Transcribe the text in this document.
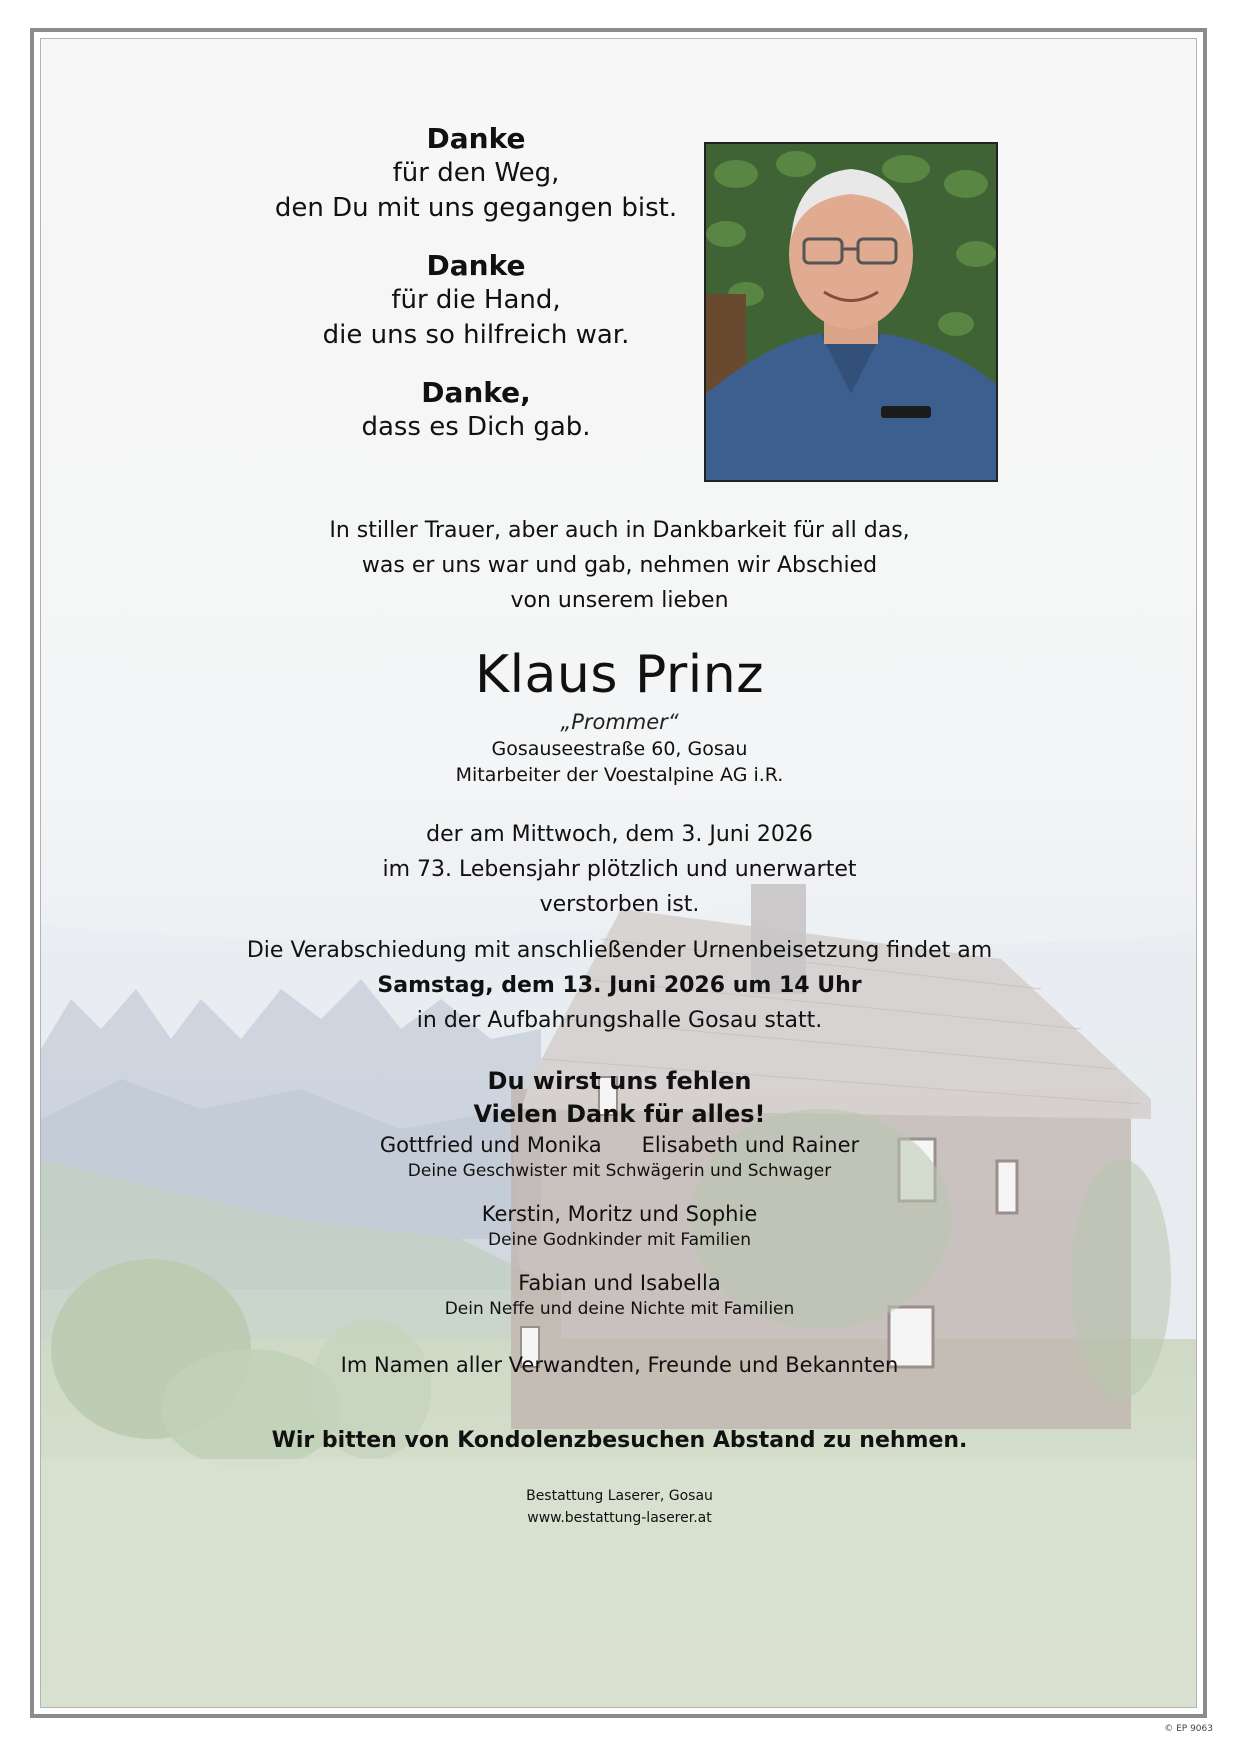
Danke
für den Weg,
den Du mit uns gegangen bist.
Danke
für die Hand,
die uns so hilfreich war.
Danke,
dass es Dich gab.
In stiller Trauer, aber auch in Dankbarkeit für all das,
was er uns war und gab, nehmen wir Abschied
von unserem lieben
Klaus Prinz
„Prommer“
Gosauseestraße 60, Gosau
Mitarbeiter der Voestalpine AG i.R.
der am Mittwoch, dem 3. Juni 2026
im 73. Lebensjahr plötzlich und unerwartet
verstorben ist.
Die Verabschiedung mit anschließender Urnenbeisetzung findet am
Samstag, dem 13. Juni 2026 um 14 Uhr
in der Aufbahrungshalle Gosau statt.
Du wirst uns fehlen
Vielen Dank für alles!
Gottfried und Monika      Elisabeth und Rainer
Deine Geschwister mit Schwägerin und Schwager
Kerstin, Moritz und Sophie
Deine Godnkinder mit Familien
Fabian und Isabella
Dein Neffe und deine Nichte mit Familien
Im Namen aller Verwandten, Freunde und Bekannten
Wir bitten von Kondolenzbesuchen Abstand zu nehmen.
Bestattung Laserer, Gosau
www.bestattung-laserer.at
© EP 9063
